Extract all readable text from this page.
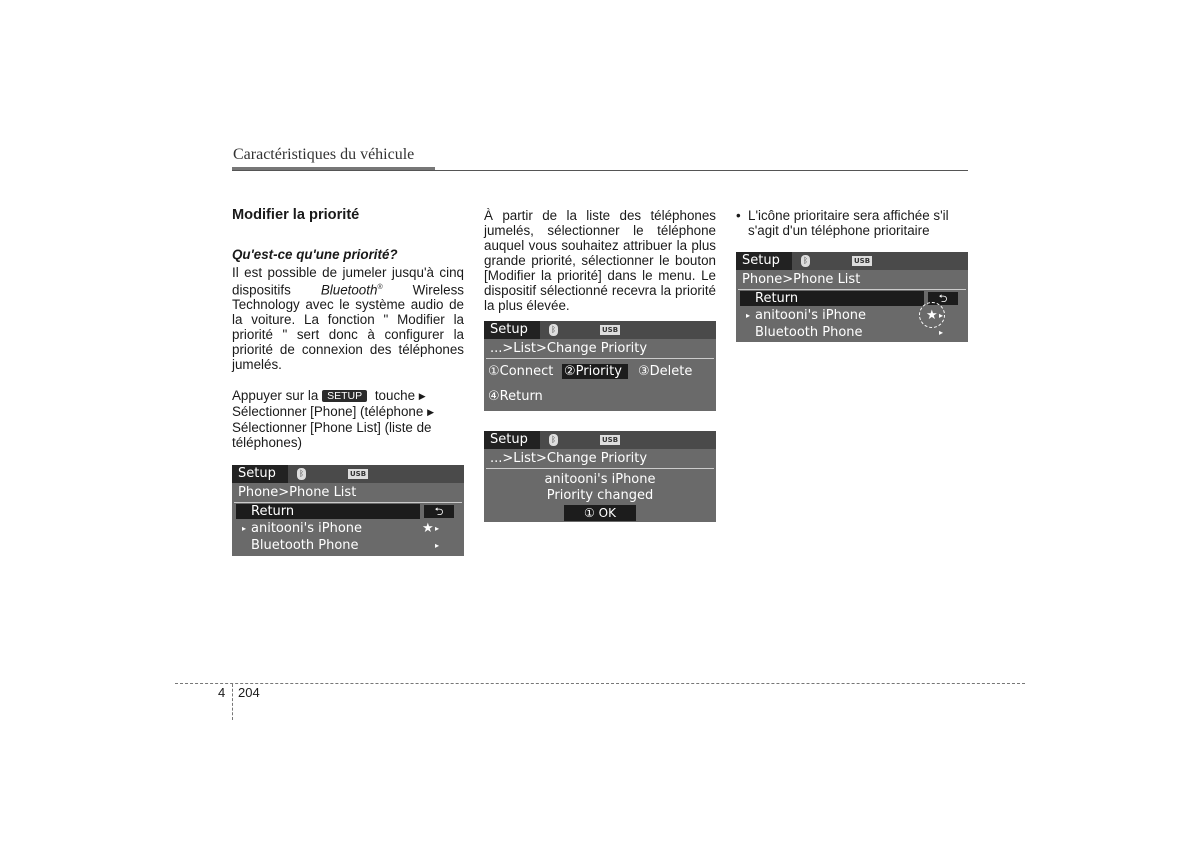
Caractéristiques du véhicule

Modifier la priorité

Qu'est-ce qu'une priorité?

Il est possible de jumeler jusqu'à cinq dispositifs Bluetooth® Wireless Technology avec le système audio de la voiture. La fonction " Modifier la priorité " sert donc à configurer la priorité de connexion des téléphones jumelés.

Appuyer sur la SETUP touche ▶
Sélectionner [Phone] (téléphone ▶
Sélectionner [Phone List] (liste de téléphones)

À partir de la liste des téléphones jumelés, sélectionner le téléphone auquel vous souhaitez attribuer la plus grande priorité, sélectionner le bouton [Modifier la priorité] dans le menu. Le dispositif sélectionné recevra la priorité la plus élevée.

• L'icône prioritaire sera affichée s'il s'agit d'un téléphone prioritaire
Setup	ᛒ	USB
Phone>Phone List
Return	⮌
▸ anitooni's iPhone	★ ▸
Bluetooth Phone	▸
Setup	ᛒ	USB
...>List>Change Priority
①Connect ②Priority	③Delete
④Return
Setup	ᛒ	USB
...>List>Change Priority
anitooni's iPhone
Priority changed
① OK
Setup	ᛒ	USB
Phone>Phone List
Return	⮌
▸ anitooni's iPhone	★ ▸
Bluetooth Phone	▸
4 204
